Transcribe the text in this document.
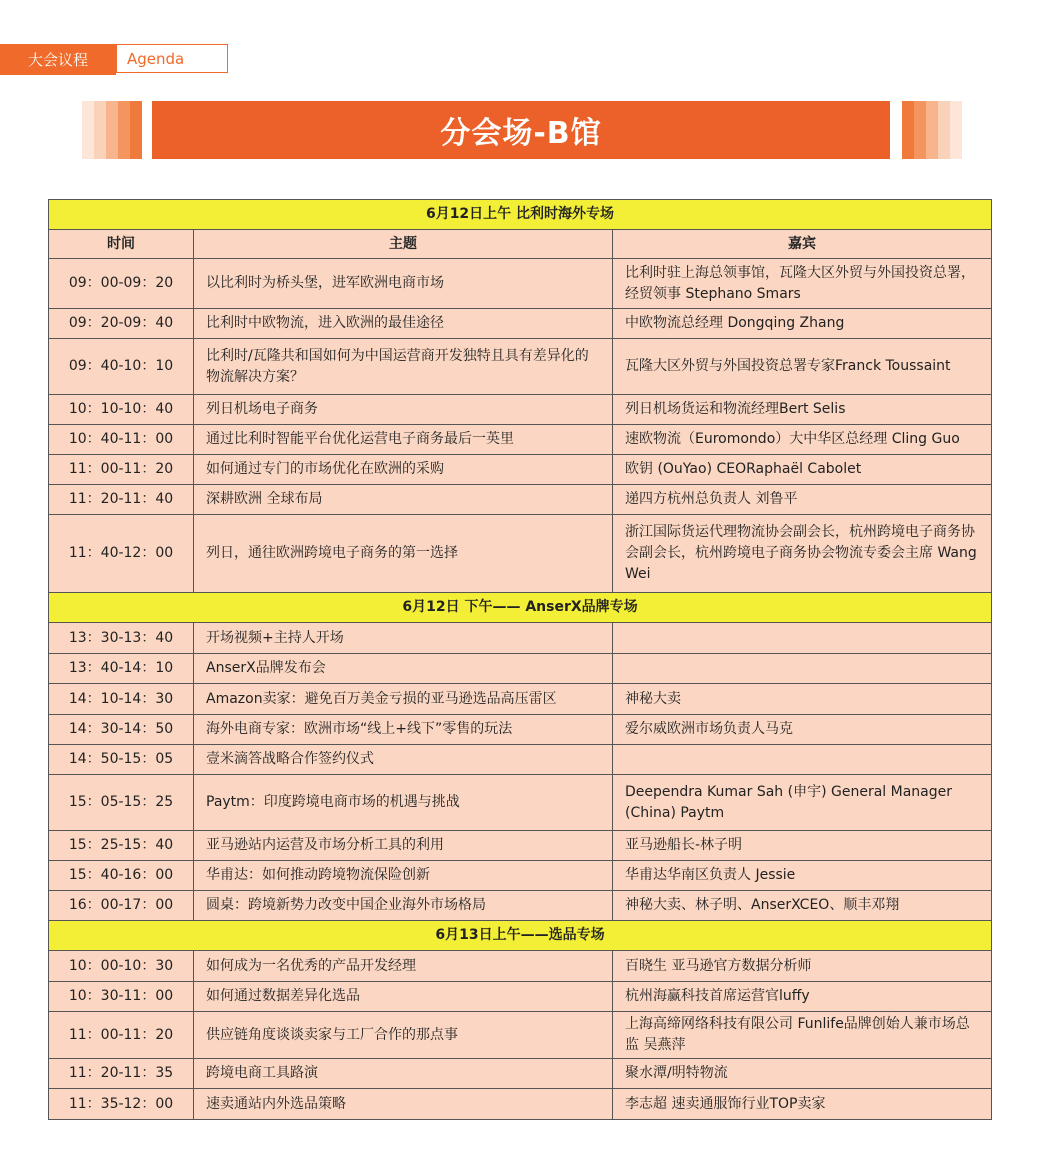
大会议程	Agenda
分会场-B馆
6月12日上午 比利时海外专场		
时间	主题	嘉宾
09：00-09：20	以比利时为桥头堡，进军欧洲电商市场	比利时驻上海总领事馆，瓦隆大区外贸与外国投资总署，经贸领事 Stephano Smars
09：20-09：40	比利时中欧物流，进入欧洲的最佳途径	中欧物流总经理 Dongqing Zhang
09：40-10：10	比利时/瓦隆共和国如何为中国运营商开发独特且具有差异化的物流解决方案？	瓦隆大区外贸与外国投资总署专家Franck Toussaint
10：10-10：40	列日机场电子商务	列日机场货运和物流经理Bert Selis
10：40-11：00	通过比利时智能平台优化运营电子商务最后一英里	速欧物流（Euromondo）大中华区总经理 Cling Guo
11：00-11：20	如何通过专门的市场优化在欧洲的采购	欧钥 (OuYao) CEORaphaël Cabolet
11：20-11：40	深耕欧洲 全球布局	递四方杭州总负责人 刘鲁平
11：40-12：00	列日，通往欧洲跨境电子商务的第一选择	浙江国际货运代理物流协会副会长，杭州跨境电子商务协会副会长，杭州跨境电子商务协会物流专委会主席 Wang Wei
6月12日 下午—— AnserX品牌专场		
13：30-13：40	开场视频+主持人开场	
13：40-14：10	AnserX品牌发布会	
14：10-14：30	Amazon卖家：避免百万美金亏损的亚马逊选品高压雷区	神秘大卖
14：30-14：50	海外电商专家：欧洲市场“线上+线下”零售的玩法	爱尔威欧洲市场负责人马克
14：50-15：05	壹米滴答战略合作签约仪式	
15：05-15：25	Paytm：印度跨境电商市场的机遇与挑战	Deependra Kumar Sah (申宇) General Manager (China) Paytm
15：25-15：40	亚马逊站内运营及市场分析工具的利用	亚马逊船长-林子明
15：40-16：00	华甫达：如何推动跨境物流保险创新	华甫达华南区负责人 Jessie
16：00-17：00	圆桌：跨境新势力改变中国企业海外市场格局	神秘大卖、林子明、AnserXCEO、顺丰邓翔
6月13日上午——选品专场		
10：00-10：30	如何成为一名优秀的产品开发经理	百晓生 亚马逊官方数据分析师
10：30-11：00	如何通过数据差异化选品	杭州海赢科技首席运营官luffy
11：00-11：20	供应链角度谈谈卖家与工厂合作的那点事	上海高缔网络科技有限公司 Funlife品牌创始人兼市场总监 吴燕萍
11：20-11：35	跨境电商工具路演	聚水潭/明特物流
11：35-12：00	速卖通站内外选品策略	李志超 速卖通服饰行业TOP卖家
